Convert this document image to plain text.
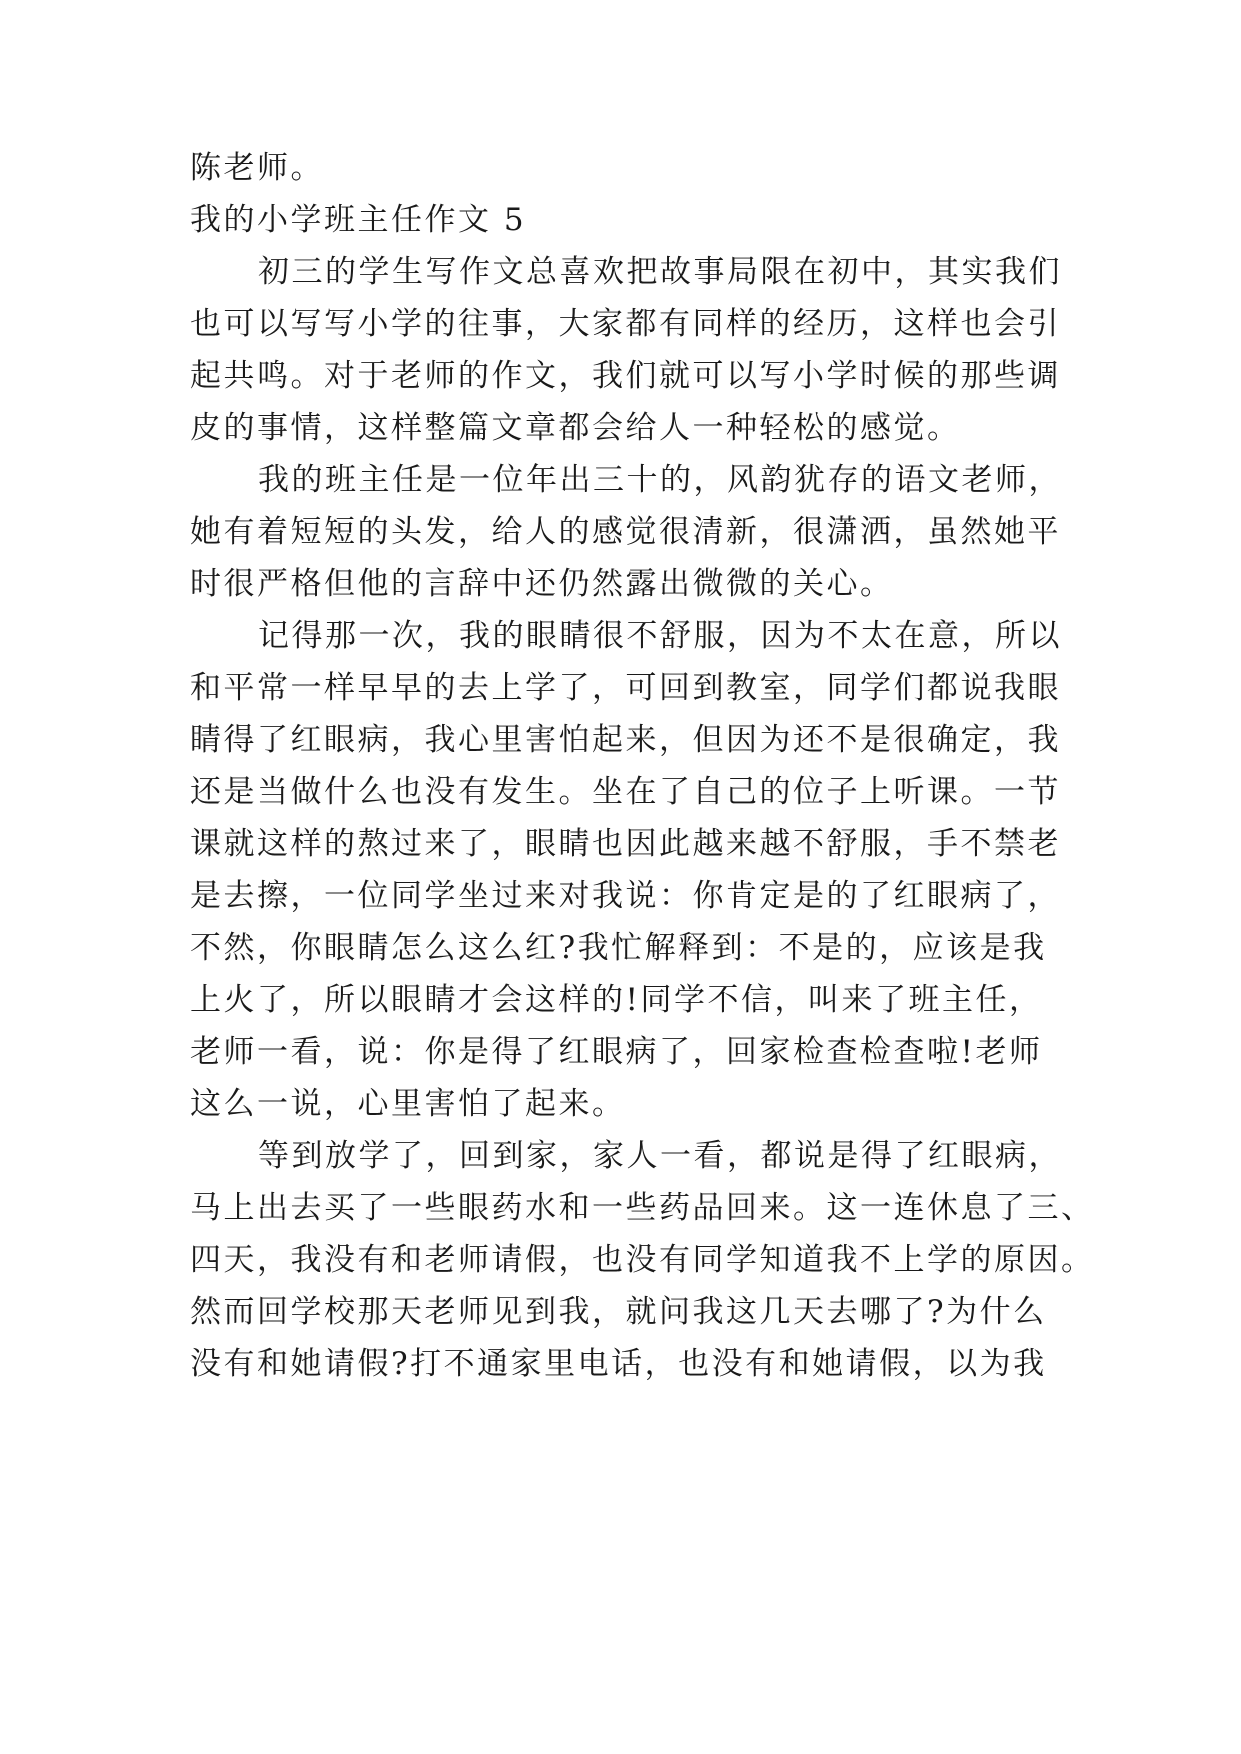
陈老师。
我的小学班主任作文 5
初三的学生写作文总喜欢把故事局限在初中，其实我们
也可以写写小学的往事，大家都有同样的经历，这样也会引
起共鸣。对于老师的作文，我们就可以写小学时候的那些调
皮的事情，这样整篇文章都会给人一种轻松的感觉。
我的班主任是一位年出三十的，风韵犹存的语文老师，
她有着短短的头发，给人的感觉很清新，很潇洒，虽然她平
时很严格但他的言辞中还仍然露出微微的关心。
记得那一次，我的眼睛很不舒服，因为不太在意，所以
和平常一样早早的去上学了，可回到教室，同学们都说我眼
睛得了红眼病，我心里害怕起来，但因为还不是很确定，我
还是当做什么也没有发生。坐在了自己的位子上听课。一节
课就这样的熬过来了，眼睛也因此越来越不舒服，手不禁老
是去擦，一位同学坐过来对我说：你肯定是的了红眼病了，
不然，你眼睛怎么这么红?我忙解释到：不是的，应该是我
上火了，所以眼睛才会这样的!同学不信，叫来了班主任，
老师一看，说：你是得了红眼病了，回家检查检查啦!老师
这么一说，心里害怕了起来。
等到放学了，回到家，家人一看，都说是得了红眼病，
马上出去买了一些眼药水和一些药品回来。这一连休息了三、
四天，我没有和老师请假，也没有同学知道我不上学的原因。
然而回学校那天老师见到我，就问我这几天去哪了?为什么
没有和她请假?打不通家里电话，也没有和她请假，以为我
